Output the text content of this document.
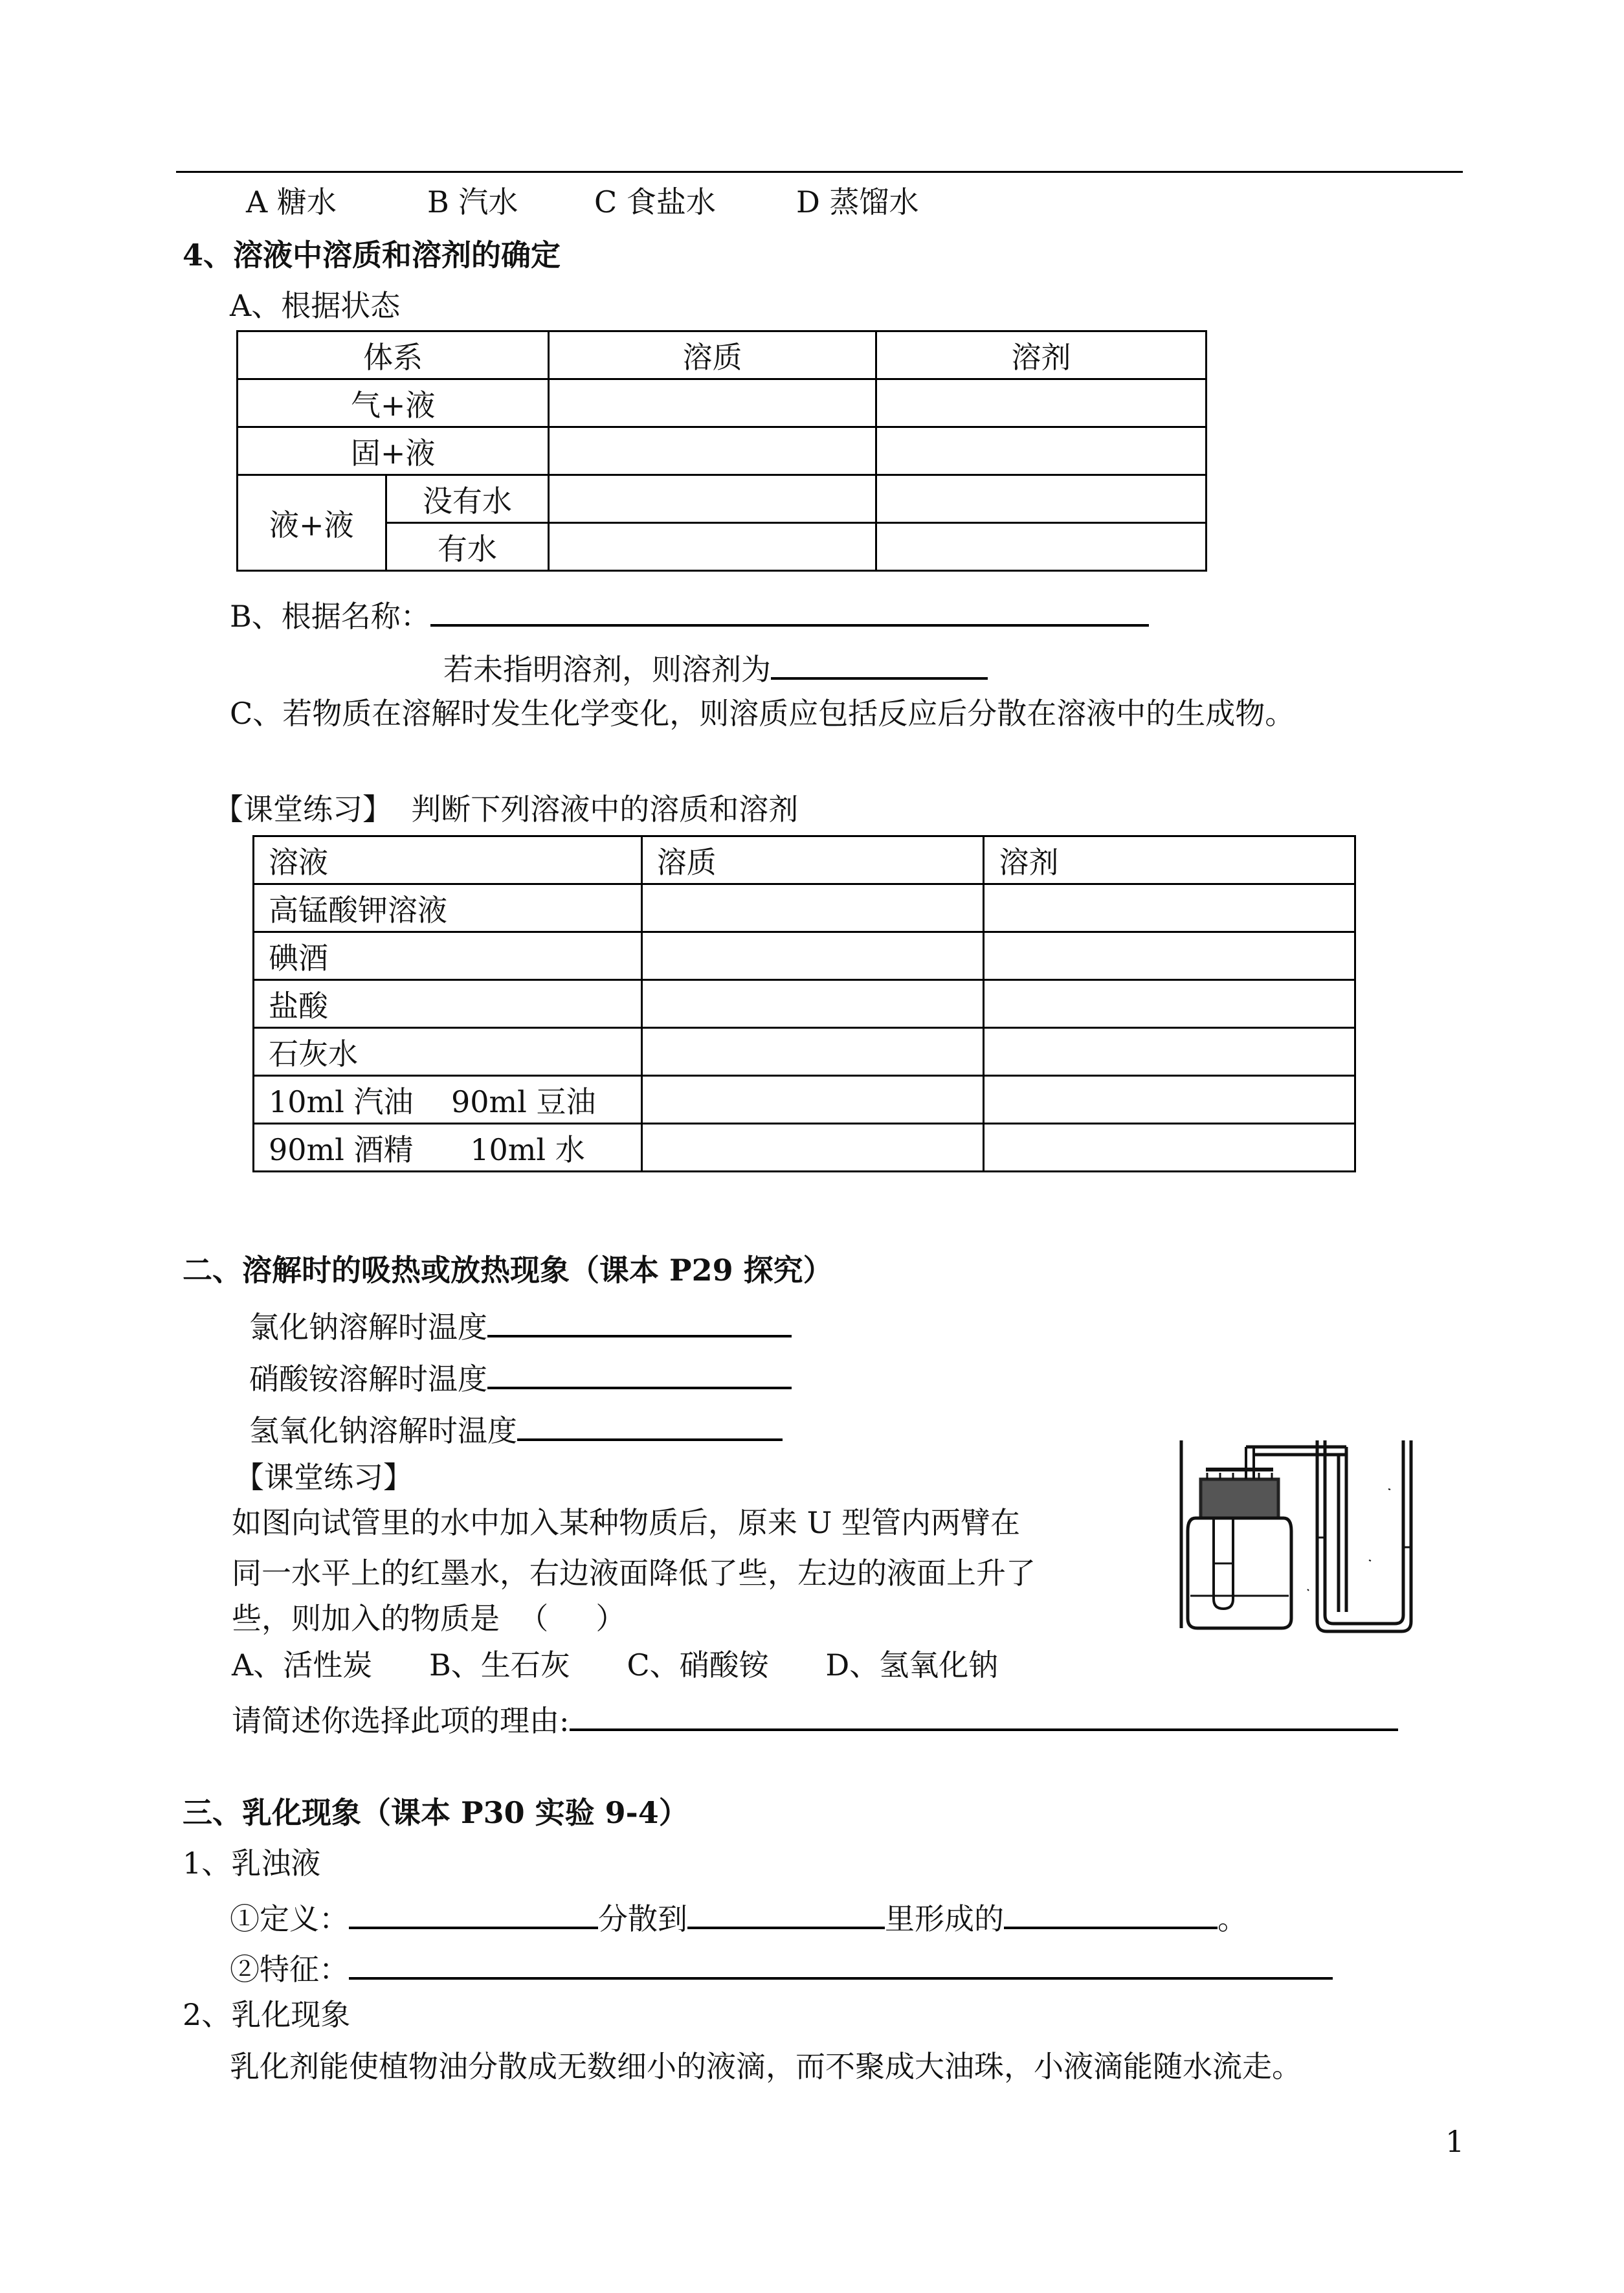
A 糖水	B 汽水	C 食盐水	D 蒸馏水
4、溶液中溶质和溶剂的确定
A、根据状态
体系		溶质	溶剂
气+液			
固+液			
液+液	没有水		
	有水		
B、根据名称：
若未指明溶剂，则溶剂为
C、若物质在溶解时发生化学变化，则溶质应包括反应后分散在溶液中的生成物。
【课堂练习】  判断下列溶液中的溶质和溶剂
溶液	溶质	溶剂
高锰酸钾溶液		
碘酒		
盐酸		
石灰水		
10ml 汽油    90ml 豆油		
90ml 酒精      10ml 水		
二、溶解时的吸热或放热现象（课本 P29 探究）
氯化钠溶解时温度
硝酸铵溶解时温度
氢氧化钠溶解时温度
【课堂练习】
如图向试管里的水中加入某种物质后，原来 U 型管内两臂在
同一水平上的红墨水，右边液面降低了些，左边的液面上升了
些，则加入的物质是  （     ）
A、活性炭      B、生石灰      C、硝酸铵      D、氢氧化钠
请简述你选择此项的理由:
三、乳化现象（课本 P30 实验 9-4）
1、乳浊液
①定义：	分散到	里形成的	。
②特征：
2、乳化现象
乳化剂能使植物油分散成无数细小的液滴，而不聚成大油珠，小液滴能随水流走。
1
